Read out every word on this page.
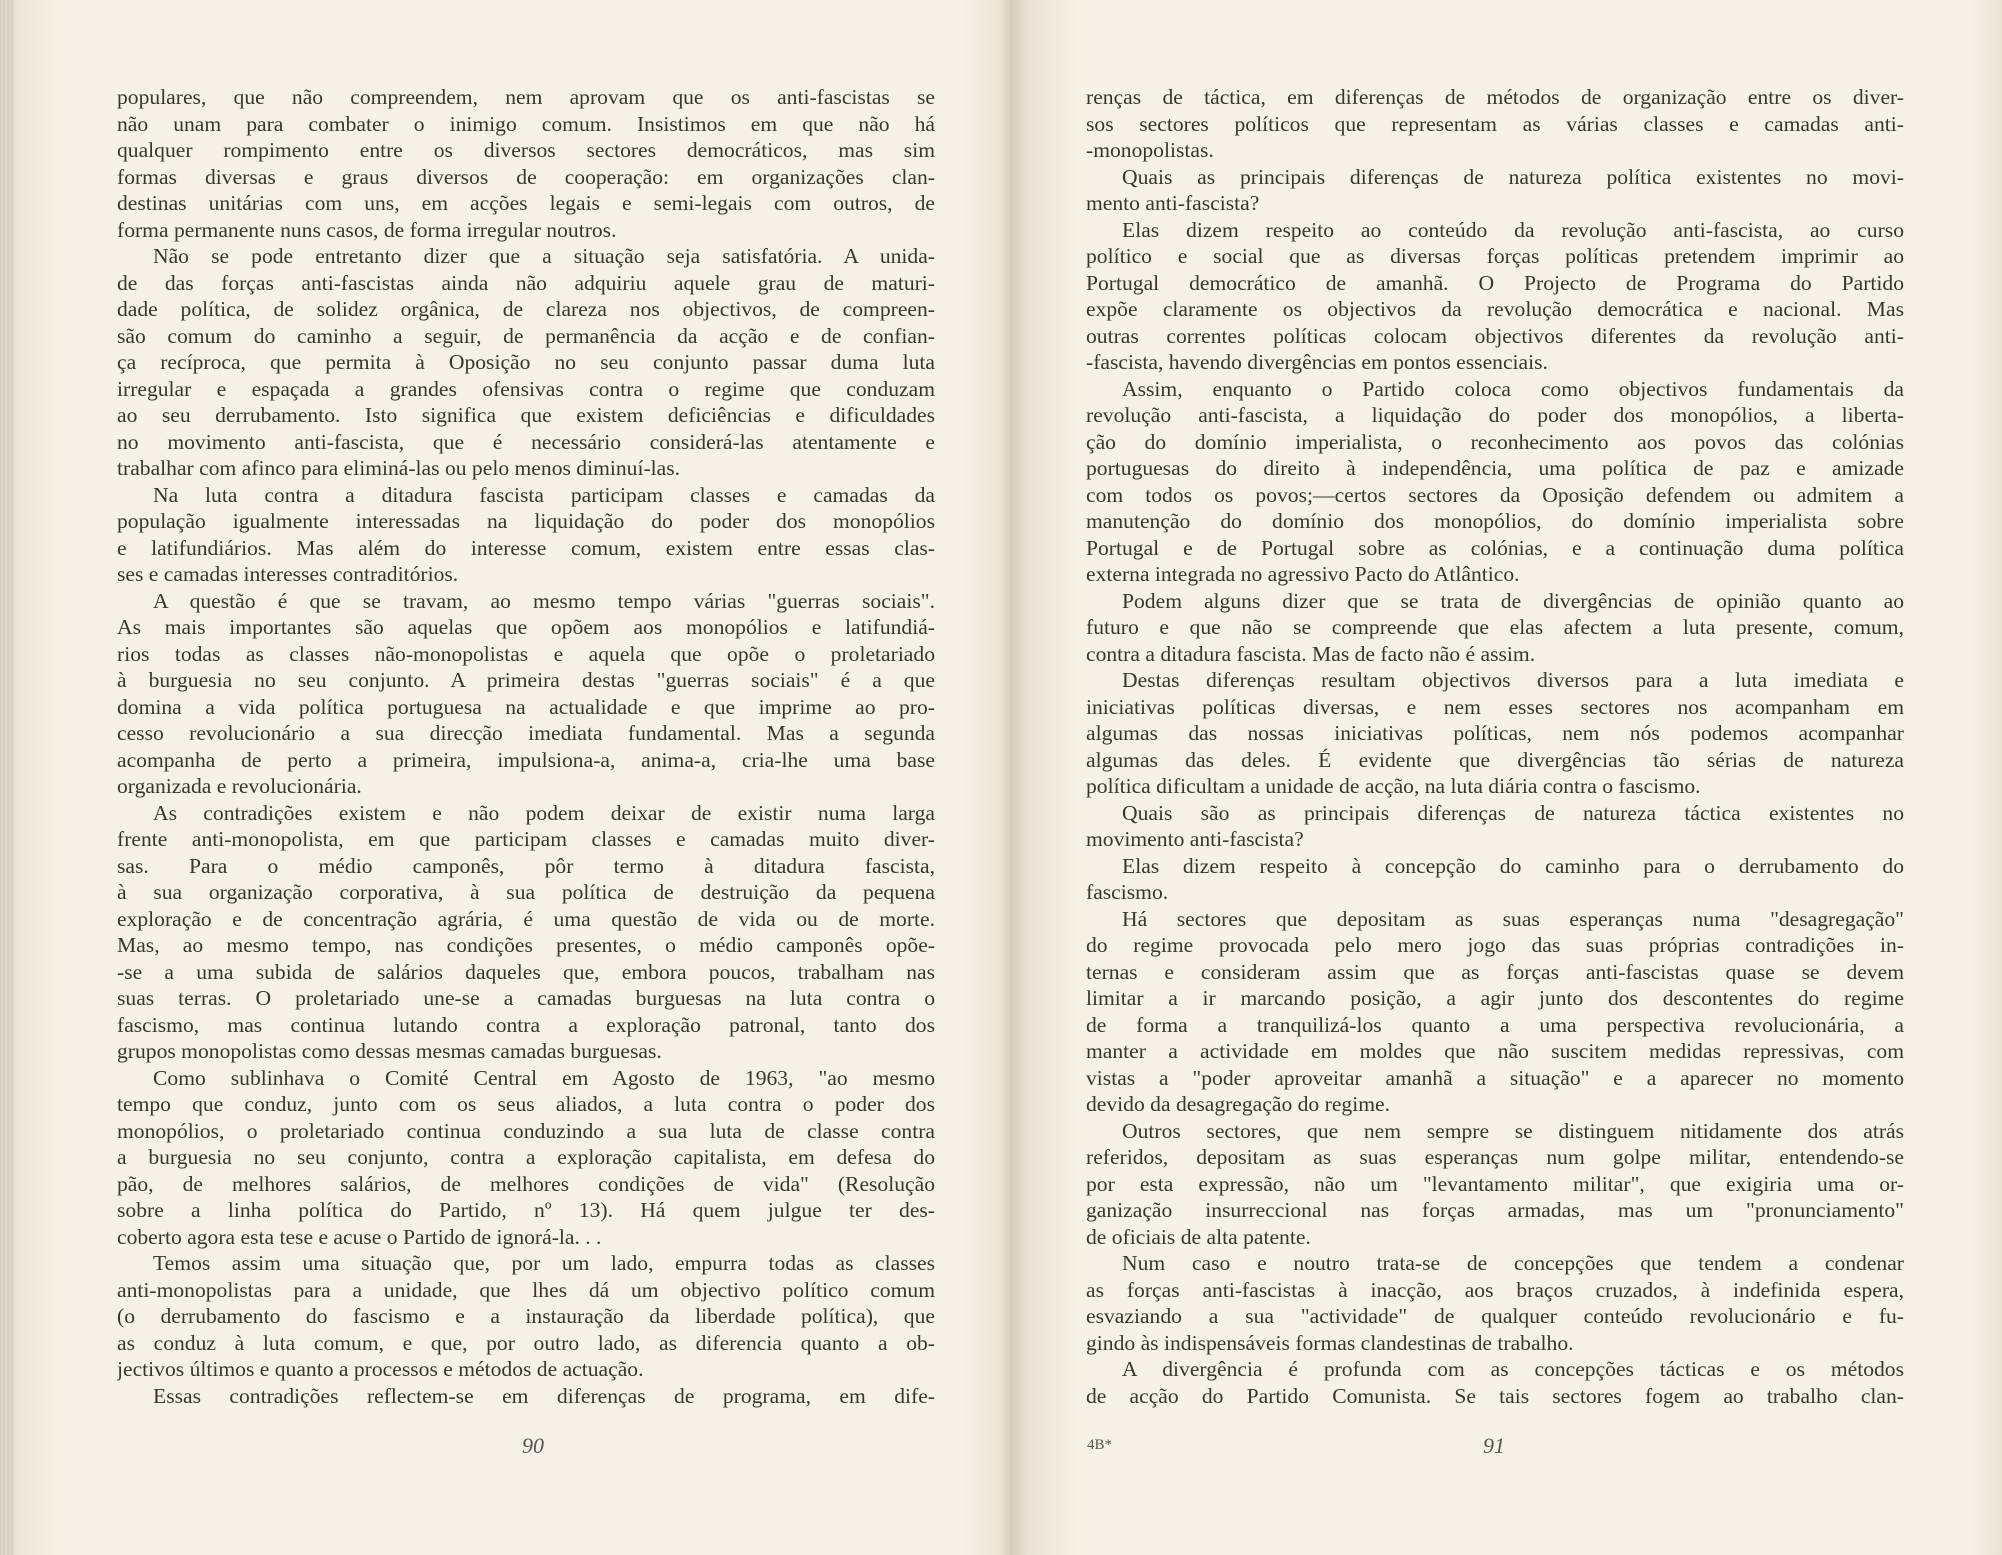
populares, que não compreendem, nem aprovam que os anti-fascistas se
não unam para combater o inimigo comum. Insistimos em que não há
qualquer rompimento entre os diversos sectores democráticos, mas sim
formas diversas e graus diversos de cooperação: em organizações clan-
destinas unitárias com uns, em acções legais e semi-legais com outros, de
forma permanente nuns casos, de forma irregular noutros.
Não se pode entretanto dizer que a situação seja satisfatória. A unida-
de das forças anti-fascistas ainda não adquiriu aquele grau de maturi-
dade política, de solidez orgânica, de clareza nos objectivos, de compreen-
são comum do caminho a seguir, de permanência da acção e de confian-
ça recíproca, que permita à Oposição no seu conjunto passar duma luta
irregular e espaçada a grandes ofensivas contra o regime que conduzam
ao seu derrubamento. Isto significa que existem deficiências e dificuldades
no movimento anti-fascista, que é necessário considerá-las atentamente e
trabalhar com afinco para eliminá-las ou pelo menos diminuí-las.
Na luta contra a ditadura fascista participam classes e camadas da
população igualmente interessadas na liquidação do poder dos monopólios
e latifundiários. Mas além do interesse comum, existem entre essas clas-
ses e camadas interesses contraditórios.
A questão é que se travam, ao mesmo tempo várias "guerras sociais".
As mais importantes são aquelas que opõem aos monopólios e latifundiá-
rios todas as classes não-monopolistas e aquela que opõe o proletariado
à burguesia no seu conjunto. A primeira destas "guerras sociais" é a que
domina a vida política portuguesa na actualidade e que imprime ao pro-
cesso revolucionário a sua direcção imediata fundamental. Mas a segunda
acompanha de perto a primeira, impulsiona-a, anima-a, cria-lhe uma base
organizada e revolucionária.
As contradições existem e não podem deixar de existir numa larga
frente anti-monopolista, em que participam classes e camadas muito diver-
sas. Para o médio camponês, pôr termo à ditadura fascista,
à sua organização corporativa, à sua política de destruição da pequena
exploração e de concentração agrária, é uma questão de vida ou de morte.
Mas, ao mesmo tempo, nas condições presentes, o médio camponês opõe-
-se a uma subida de salários daqueles que, embora poucos, trabalham nas
suas terras. O proletariado une-se a camadas burguesas na luta contra o
fascismo, mas continua lutando contra a exploração patronal, tanto dos
grupos monopolistas como dessas mesmas camadas burguesas.
Como sublinhava o Comité Central em Agosto de 1963, "ao mesmo
tempo que conduz, junto com os seus aliados, a luta contra o poder dos
monopólios, o proletariado continua conduzindo a sua luta de classe contra
a burguesia no seu conjunto, contra a exploração capitalista, em defesa do
pão, de melhores salários, de melhores condições de vida" (Resolução
sobre a linha política do Partido, nº 13). Há quem julgue ter des-
coberto agora esta tese e acuse o Partido de ignorá-la. . .
Temos assim uma situação que, por um lado, empurra todas as classes
anti-monopolistas para a unidade, que lhes dá um objectivo político comum
(o derrubamento do fascismo e a instauração da liberdade política), que
as conduz à luta comum, e que, por outro lado, as diferencia quanto a ob-
jectivos últimos e quanto a processos e métodos de actuação.
Essas contradições reflectem-se em diferenças de programa, em dife-
90
renças de táctica, em diferenças de métodos de organização entre os diver-
sos sectores políticos que representam as várias classes e camadas anti-
-monopolistas.
Quais as principais diferenças de natureza política existentes no movi-
mento anti-fascista?
Elas dizem respeito ao conteúdo da revolução anti-fascista, ao curso
político e social que as diversas forças políticas pretendem imprimir ao
Portugal democrático de amanhã. O Projecto de Programa do Partido
expõe claramente os objectivos da revolução democrática e nacional. Mas
outras correntes políticas colocam objectivos diferentes da revolução anti-
-fascista, havendo divergências em pontos essenciais.
Assim, enquanto o Partido coloca como objectivos fundamentais da
revolução anti-fascista, a liquidação do poder dos monopólios, a liberta-
ção do domínio imperialista, o reconhecimento aos povos das colónias
portuguesas do direito à independência, uma política de paz e amizade
com todos os povos;—certos sectores da Oposição defendem ou admitem a
manutenção do domínio dos monopólios, do domínio imperialista sobre
Portugal e de Portugal sobre as colónias, e a continuação duma política
externa integrada no agressivo Pacto do Atlântico.
Podem alguns dizer que se trata de divergências de opinião quanto ao
futuro e que não se compreende que elas afectem a luta presente, comum,
contra a ditadura fascista. Mas de facto não é assim.
Destas diferenças resultam objectivos diversos para a luta imediata e
iniciativas políticas diversas, e nem esses sectores nos acompanham em
algumas das nossas iniciativas políticas, nem nós podemos acompanhar
algumas das deles. É evidente que divergências tão sérias de natureza
política dificultam a unidade de acção, na luta diária contra o fascismo.
Quais são as principais diferenças de natureza táctica existentes no
movimento anti-fascista?
Elas dizem respeito à concepção do caminho para o derrubamento do
fascismo.
Há sectores que depositam as suas esperanças numa "desagregação"
do regime provocada pelo mero jogo das suas próprias contradições in-
ternas e consideram assim que as forças anti-fascistas quase se devem
limitar a ir marcando posição, a agir junto dos descontentes do regime
de forma a tranquilizá-los quanto a uma perspectiva revolucionária, a
manter a actividade em moldes que não suscitem medidas repressivas, com
vistas a "poder aproveitar amanhã a situação" e a aparecer no momento
devido da desagregação do regime.
Outros sectores, que nem sempre se distinguem nitidamente dos atrás
referidos, depositam as suas esperanças num golpe militar, entendendo-se
por esta expressão, não um "levantamento militar", que exigiria uma or-
ganização insurreccional nas forças armadas, mas um "pronunciamento"
de oficiais de alta patente.
Num caso e noutro trata-se de concepções que tendem a condenar
as forças anti-fascistas à inacção, aos braços cruzados, à indefinida espera,
esvaziando a sua "actividade" de qualquer conteúdo revolucionário e fu-
gindo às indispensáveis formas clandestinas de trabalho.
A divergência é profunda com as concepções tácticas e os métodos
de acção do Partido Comunista. Se tais sectores fogem ao trabalho clan-
4B*	91
